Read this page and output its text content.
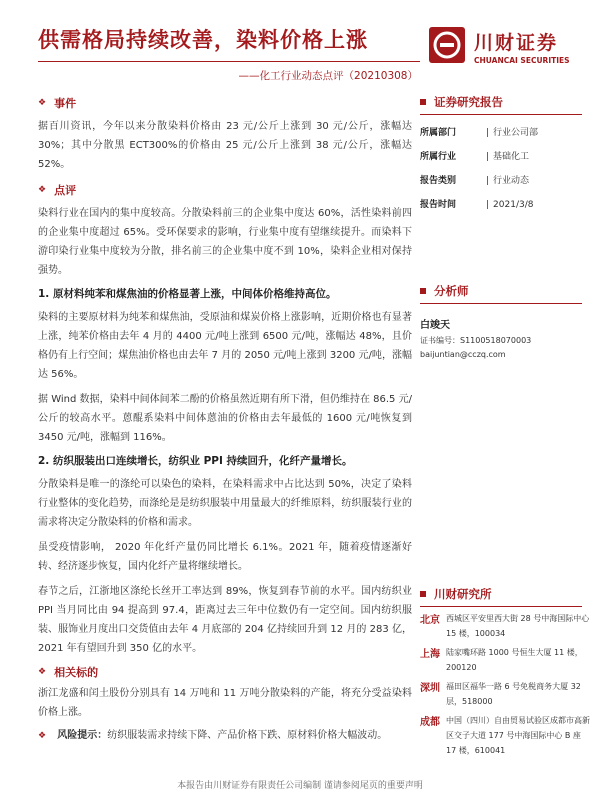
供需格局持续改善，染料价格上涨
——化工行业动态点评（20210308）
川财证券
CHUANCAI SECURITIES
❖ 事件

据百川资讯，今年以来分散染料价格由 23 元/公斤上涨到 30 元/公斤，涨幅达 30%；其中分散黑 ECT300%的价格由 25 元/公斤上涨到 38 元/公斤，涨幅达 52%。

❖ 点评

染料行业在国内的集中度较高。分散染料前三的企业集中度达 60%，活性染料前四的企业集中度超过 65%。受环保要求的影响，行业集中度有望继续提升。而染料下游印染行业集中度较为分散，排名前三的企业集中度不到 10%，染料企业相对保持强势。

1. 原材料纯苯和煤焦油的价格显著上涨，中间体价格维持高位。

染料的主要原材料为纯苯和煤焦油，受原油和煤炭价格上涨影响，近期价格也有显著上涨，纯苯价格由去年 4 月的 4400 元/吨上涨到 6500 元/吨，涨幅达 48%，且价格仍有上行空间；煤焦油价格也由去年 7 月的 2050 元/吨上涨到 3200 元/吨，涨幅达 56%。

据 Wind 数据，染料中间体间苯二酚的价格虽然近期有所下滑，但仍维持在 86.5 元/公斤的较高水平。蒽醌系染料中间体蒽油的价格由去年最低的 1600 元/吨恢复到 3450 元/吨，涨幅到 116%。

2. 纺织服装出口连续增长，纺织业 PPI 持续回升，化纤产量增长。

分散染料是唯一的涤纶可以染色的染料，在染料需求中占比达到 50%，决定了染料行业整体的变化趋势，而涤纶是是纺织服装中用量最大的纤维原料，纺织服装行业的需求将决定分散染料的价格和需求。

虽受疫情影响， 2020 年化纤产量仍同比增长 6.1%。2021 年，随着疫情逐渐好转、经济逐步恢复，国内化纤产量将继续增长。

春节之后，江浙地区涤纶长丝开工率达到 89%，恢复到春节前的水平。国内纺织业 PPI 当月同比由 94 提高到 97.4，距离过去三年中位数仍有一定空间。国内纺织服装、服饰业月度出口交货值由去年 4 月底部的 204 亿持续回升到 12 月的 283 亿，2021 年有望回升到 350 亿的水平。

❖ 相关标的

浙江龙盛和闰土股份分别具有 14 万吨和 11 万吨分散染料的产能，将充分受益染料价格上涨。

❖ 风险提示：纺织服装需求持续下降、产品价格下跌、原材料价格大幅波动。
证券研究报告
所属部门	| 行业公司部
所属行业	| 基础化工
报告类别	| 行业动态
报告时间	| 2021/3/8
分析师
白竣天
证书编号：S1100518070003
baijuntian@cczq.com
川财研究所
北京 西城区平安里西大街 28 号中海国际中心 15 楼，100034
上海 陆家嘴环路 1000 号恒生大厦 11 楼，200120
深圳 福田区福华一路 6 号免税商务大厦 32 层，518000
成都 中国（四川）自由贸易试验区成都市高新区交子大道 177 号中海国际中心 B 座 17 楼，610041
本报告由川财证券有限责任公司编制 谨请参阅尾页的重要声明
